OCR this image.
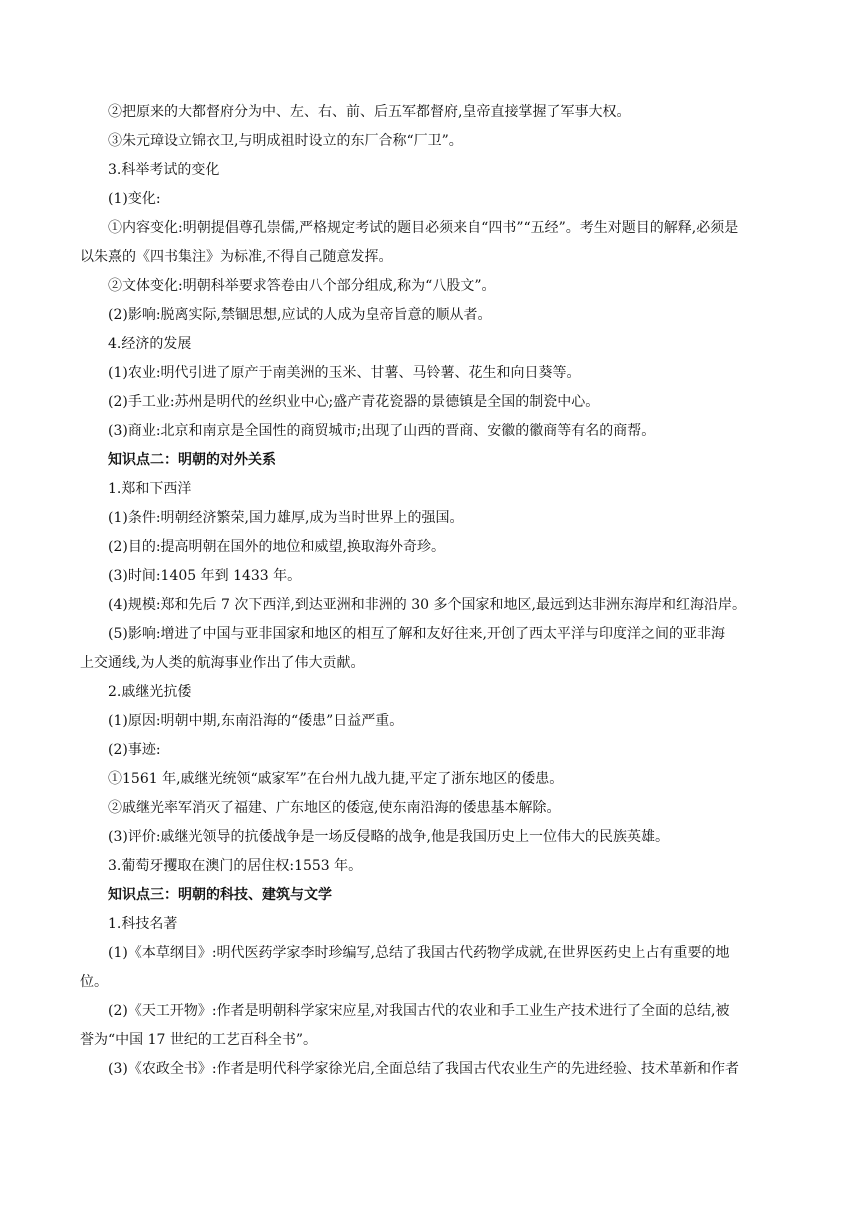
②把原来的大都督府分为中、左、右、前、后五军都督府,皇帝直接掌握了军事大权。

③朱元璋设立锦衣卫,与明成祖时设立的东厂合称“厂卫”。

3.科举考试的变化

(1)变化:

①内容变化:明朝提倡尊孔崇儒,严格规定考试的题目必须来自“四书”“五经”。考生对题目的解释,必须是

以朱熹的《四书集注》为标准,不得自己随意发挥。

②文体变化:明朝科举要求答卷由八个部分组成,称为“八股文”。

(2)影响:脱离实际,禁锢思想,应试的人成为皇帝旨意的顺从者。

4.经济的发展

(1)农业:明代引进了原产于南美洲的玉米、甘薯、马铃薯、花生和向日葵等。

(2)手工业:苏州是明代的丝织业中心;盛产青花瓷器的景德镇是全国的制瓷中心。

(3)商业:北京和南京是全国性的商贸城市;出现了山西的晋商、安徽的徽商等有名的商帮。

知识点二：明朝的对外关系

1.郑和下西洋

(1)条件:明朝经济繁荣,国力雄厚,成为当时世界上的强国。

(2)目的:提高明朝在国外的地位和威望,换取海外奇珍。

(3)时间:1405 年到 1433 年。

(4)规模:郑和先后 7 次下西洋,到达亚洲和非洲的 30 多个国家和地区,最远到达非洲东海岸和红海沿岸。

(5)影响:增进了中国与亚非国家和地区的相互了解和友好往来,开创了西太平洋与印度洋之间的亚非海

上交通线,为人类的航海事业作出了伟大贡献。

2.戚继光抗倭

(1)原因:明朝中期,东南沿海的“倭患”日益严重。

(2)事迹:

①1561 年,戚继光统领“戚家军”在台州九战九捷,平定了浙东地区的倭患。

②戚继光率军消灭了福建、广东地区的倭寇,使东南沿海的倭患基本解除。

(3)评价:戚继光领导的抗倭战争是一场反侵略的战争,他是我国历史上一位伟大的民族英雄。

3.葡萄牙攫取在澳门的居住权:1553 年。

知识点三：明朝的科技、建筑与文学

1.科技名著

(1)《本草纲目》:明代医药学家李时珍编写,总结了我国古代药物学成就,在世界医药史上占有重要的地

位。

(2)《天工开物》:作者是明朝科学家宋应星,对我国古代的农业和手工业生产技术进行了全面的总结,被

誉为“中国 17 世纪的工艺百科全书”。

(3)《农政全书》:作者是明代科学家徐光启,全面总结了我国古代农业生产的先进经验、技术革新和作者
